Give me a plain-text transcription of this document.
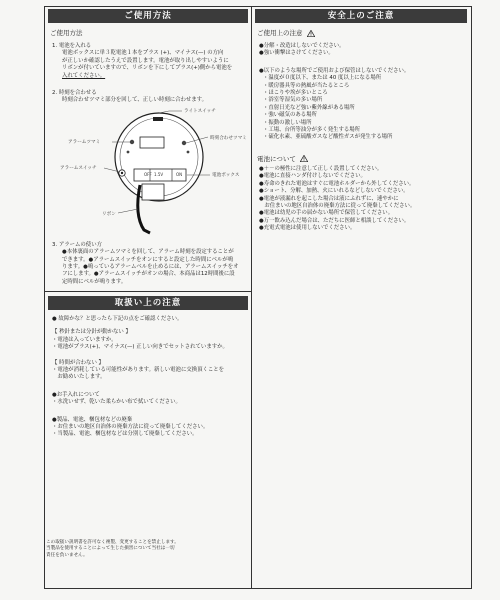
ご使用方法
ご使用方法
1. 電池を入れる
電池ボックスに単３乾電池１本をプラス (+)、マイナス(—) の方向
が正しいか確認したうえで設置します。電池が取り出しやすいように
リボンが付いていますので、リボンを下にしてプラス(+)側から電池を
入れてください。
2. 時刻を合わせる
時刻合わせツマミ部分を回して、正しい時刻に合わせます。
ライトスイッチ
アラームツマミ
時刻合わせツマミ
アラームスイッチ
電池ボックス
リボン
OFF 1.5V	ON
3. アラームの使い方
●本体裏面のアラームツマミを回して、アラーム時刻を設定することが
できます。●アラームスイッチをオンにすると設定した時間にベルが鳴
ります。●鳴っているアラームベルを止めるには、アラームスイッチをオ
フにします。●アラームスイッチがオンの場合、本商品は12時間後に設
定時間にベルが鳴ります。
安全上のご注意
ご使用上の注意
●分解・改造はしないでください。
●強い衝撃はさけてください。
●以下のような場所でご使用および保管はしないでください。
・温度が０度以下、または 40 度以上になる場所
・暖房器具等の熱風が当たるところ
・ほこりや埃が多いところ
・浴室等湿気の多い場所
・直射日光など強い紫外線がある場所
・強い磁気のある場所
・振動の激しい場所
・工場、台所等油分が多く発生する場所
・硫化水素、亜硫酸ガスなど酸性ガスが発生する場所
電池について
●＋－の極性に注意して正しく設置してください。
●電池に直接ハンダ付けしないでください。
●寿命のきれた電池はすぐに電池ホルダーから外してください。
●ショート、分解、加熱、火にいれるなどしないでください。
●電池が液漏れを起こした場合は液にふれずに、速やかに
　お住まいの地区自治体の廃棄方法に従って廃棄してください。
●電池は幼児の手の届かない場所で保管してください。
●万一飲み込んだ場合は、ただちに医師と相談してください。
●充電式電池は使用しないでください。
取扱い上の注意
● 故障かな？と思ったら下記の点をご確認ください。
【 秒針または分針が動かない 】
・電池は入っていますか。
・電池がプラス(+)、マイナス(—) 正しい向きでセットされていますか。
【 時間が合わない 】
・電池が消耗している可能性があります。新しい電池に交換頂くことを
　お勧めいたします。
●お手入れについて
・水洗いせず、乾いた柔らかい布で拭いてください。
●製品、電池、梱包材などの廃棄
・お住まいの地区自治体の廃棄方法に従って廃棄してください。
・当製品、電池、梱包材などは分別して廃棄してください。
この取扱い説明書を許可なく複製、変更することを禁止します。
当製品を使用することによって生じた損害について当社は一切
責任を負いません。
